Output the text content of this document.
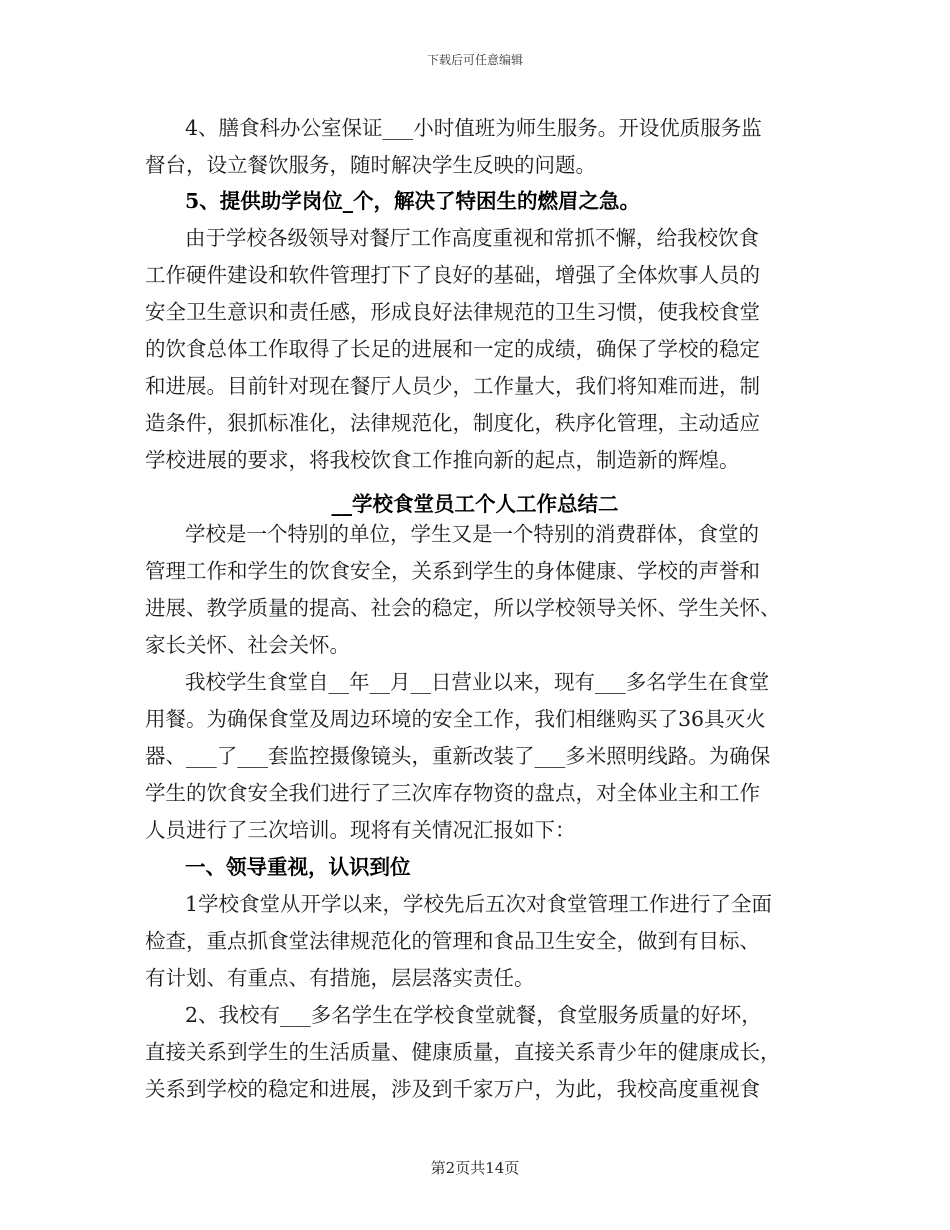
下载后可任意编辑
4、膳食科办公室保证___小时值班为师生服务。开设优质服务监
督台，设立餐饮服务，随时解决学生反映的问题。
5、提供助学岗位_个，解决了特困生的燃眉之急。
由于学校各级领导对餐厅工作高度重视和常抓不懈，给我校饮食
工作硬件建设和软件管理打下了良好的基础，增强了全体炊事人员的
安全卫生意识和责任感，形成良好法律规范的卫生习惯，使我校食堂
的饮食总体工作取得了长足的进展和一定的成绩，确保了学校的稳定
和进展。目前针对现在餐厅人员少，工作量大，我们将知难而进，制
造条件，狠抓标准化，法律规范化，制度化，秩序化管理，主动适应
学校进展的要求，将我校饮食工作推向新的起点，制造新的辉煌。
__学校食堂员工个人工作总结二
学校是一个特别的单位，学生又是一个特别的消费群体，食堂的
管理工作和学生的饮食安全，关系到学生的身体健康、学校的声誉和
进展、教学质量的提高、社会的稳定，所以学校领导关怀、学生关怀、
家长关怀、社会关怀。
我校学生食堂自__年__月__日营业以来，现有___多名学生在食堂
用餐。为确保食堂及周边环境的安全工作，我们相继购买了36具灭火
器、___了___套监控摄像镜头，重新改装了___多米照明线路。为确保
学生的饮食安全我们进行了三次库存物资的盘点，对全体业主和工作
人员进行了三次培训。现将有关情况汇报如下：
一、领导重视，认识到位
1学校食堂从开学以来，学校先后五次对食堂管理工作进行了全面
检查，重点抓食堂法律规范化的管理和食品卫生安全，做到有目标、
有计划、有重点、有措施，层层落实责任。
2、我校有___多名学生在学校食堂就餐，食堂服务质量的好坏，
直接关系到学生的生活质量、健康质量，直接关系青少年的健康成长，
关系到学校的稳定和进展，涉及到千家万户，为此，我校高度重视食
第2页共14页
